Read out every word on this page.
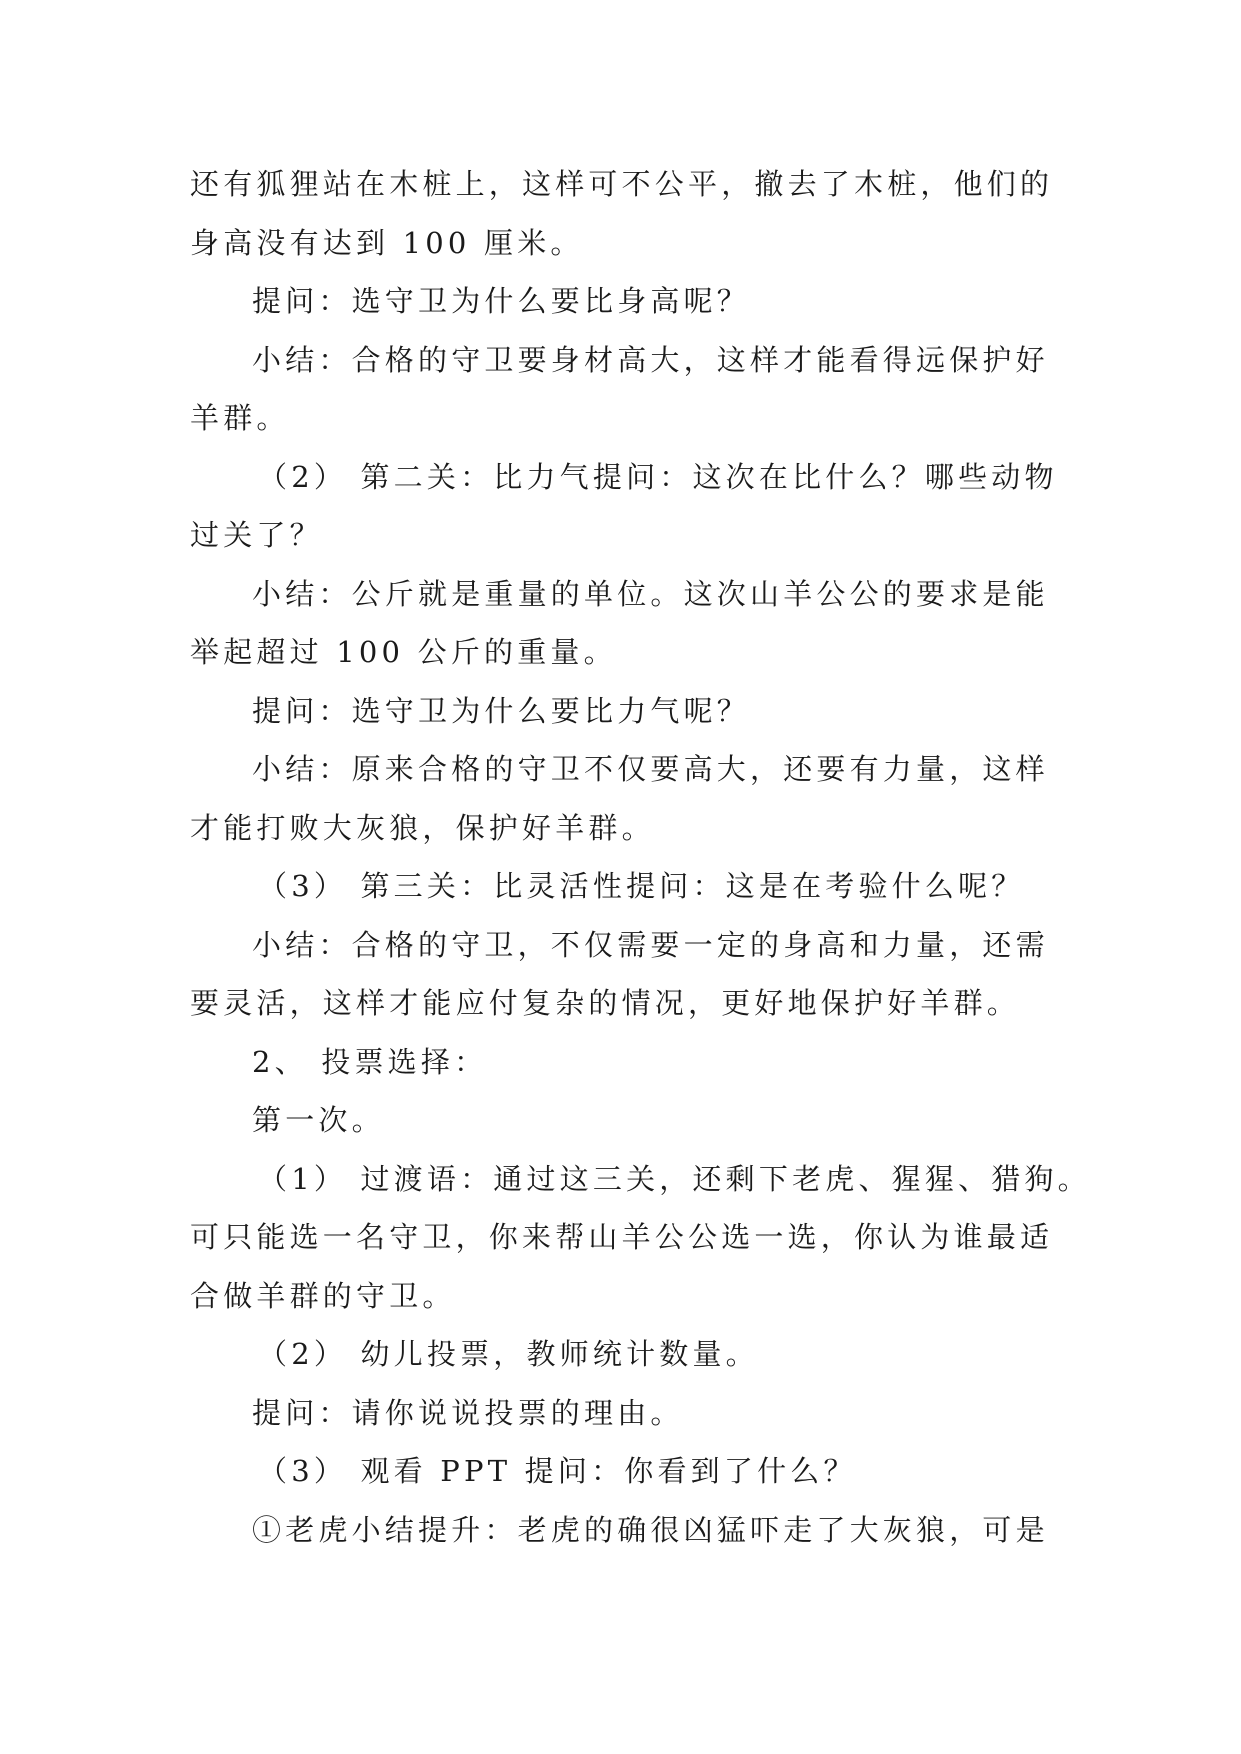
还有狐狸站在木桩上，这样可不公平，撤去了木桩，他们的
身高没有达到 100 厘米。
提问：选守卫为什么要比身高呢？
小结：合格的守卫要身材高大，这样才能看得远保护好
羊群。
（2） 第二关：比力气提问：这次在比什么？哪些动物
过关了？
小结：公斤就是重量的单位。这次山羊公公的要求是能
举起超过 100 公斤的重量。
提问：选守卫为什么要比力气呢？
小结：原来合格的守卫不仅要高大，还要有力量，这样
才能打败大灰狼，保护好羊群。
（3） 第三关：比灵活性提问：这是在考验什么呢？
小结：合格的守卫，不仅需要一定的身高和力量，还需
要灵活，这样才能应付复杂的情况，更好地保护好羊群。
2、 投票选择：
第一次。
（1） 过渡语：通过这三关，还剩下老虎、猩猩、猎狗。
可只能选一名守卫，你来帮山羊公公选一选，你认为谁最适
合做羊群的守卫。
（2） 幼儿投票，教师统计数量。
提问：请你说说投票的理由。
（3） 观看 PPT 提问：你看到了什么？
①老虎小结提升：老虎的确很凶猛吓走了大灰狼，可是
